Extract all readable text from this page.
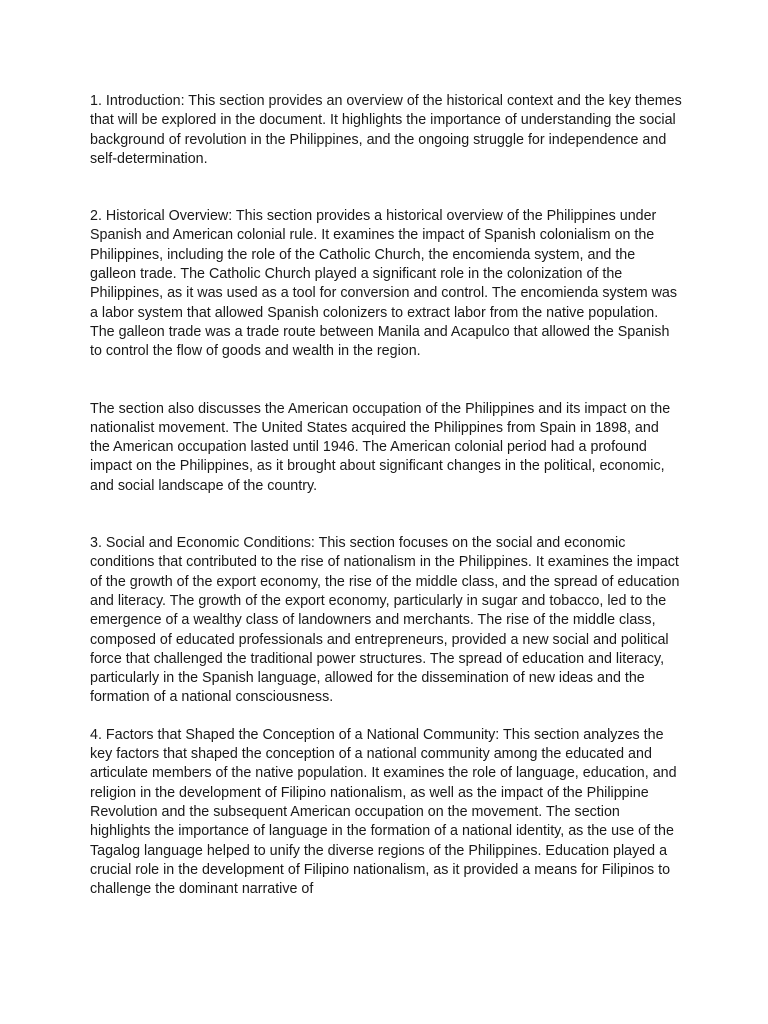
1. Introduction: This section provides an overview of the historical context and the key themes that will be explored in the document. It highlights the importance of understanding the social background of revolution in the Philippines, and the ongoing struggle for independence and self-determination.

2. Historical Overview: This section provides a historical overview of the Philippines under Spanish and American colonial rule. It examines the impact of Spanish colonialism on the Philippines, including the role of the Catholic Church, the encomienda system, and the galleon trade. The Catholic Church played a significant role in the colonization of the Philippines, as it was used as a tool for conversion and control. The encomienda system was a labor system that allowed Spanish colonizers to extract labor from the native population. The galleon trade was a trade route between Manila and Acapulco that allowed the Spanish to control the flow of goods and wealth in the region.

The section also discusses the American occupation of the Philippines and its impact on the nationalist movement. The United States acquired the Philippines from Spain in 1898, and the American occupation lasted until 1946. The American colonial period had a profound impact on the Philippines, as it brought about significant changes in the political, economic, and social landscape of the country.

3. Social and Economic Conditions: This section focuses on the social and economic conditions that contributed to the rise of nationalism in the Philippines. It examines the impact of the growth of the export economy, the rise of the middle class, and the spread of education and literacy. The growth of the export economy, particularly in sugar and tobacco, led to the emergence of a wealthy class of landowners and merchants. The rise of the middle class, composed of educated professionals and entrepreneurs, provided a new social and political force that challenged the traditional power structures. The spread of education and literacy, particularly in the Spanish language, allowed for the dissemination of new ideas and the formation of a national consciousness.

4. Factors that Shaped the Conception of a National Community: This section analyzes the key factors that shaped the conception of a national community among the educated and articulate members of the native population. It examines the role of language, education, and religion in the development of Filipino nationalism, as well as the impact of the Philippine Revolution and the subsequent American occupation on the movement. The section highlights the importance of language in the formation of a national identity, as the use of the Tagalog language helped to unify the diverse regions of the Philippines. Education played a crucial role in the development of Filipino nationalism, as it provided a means for Filipinos to challenge the dominant narrative of
